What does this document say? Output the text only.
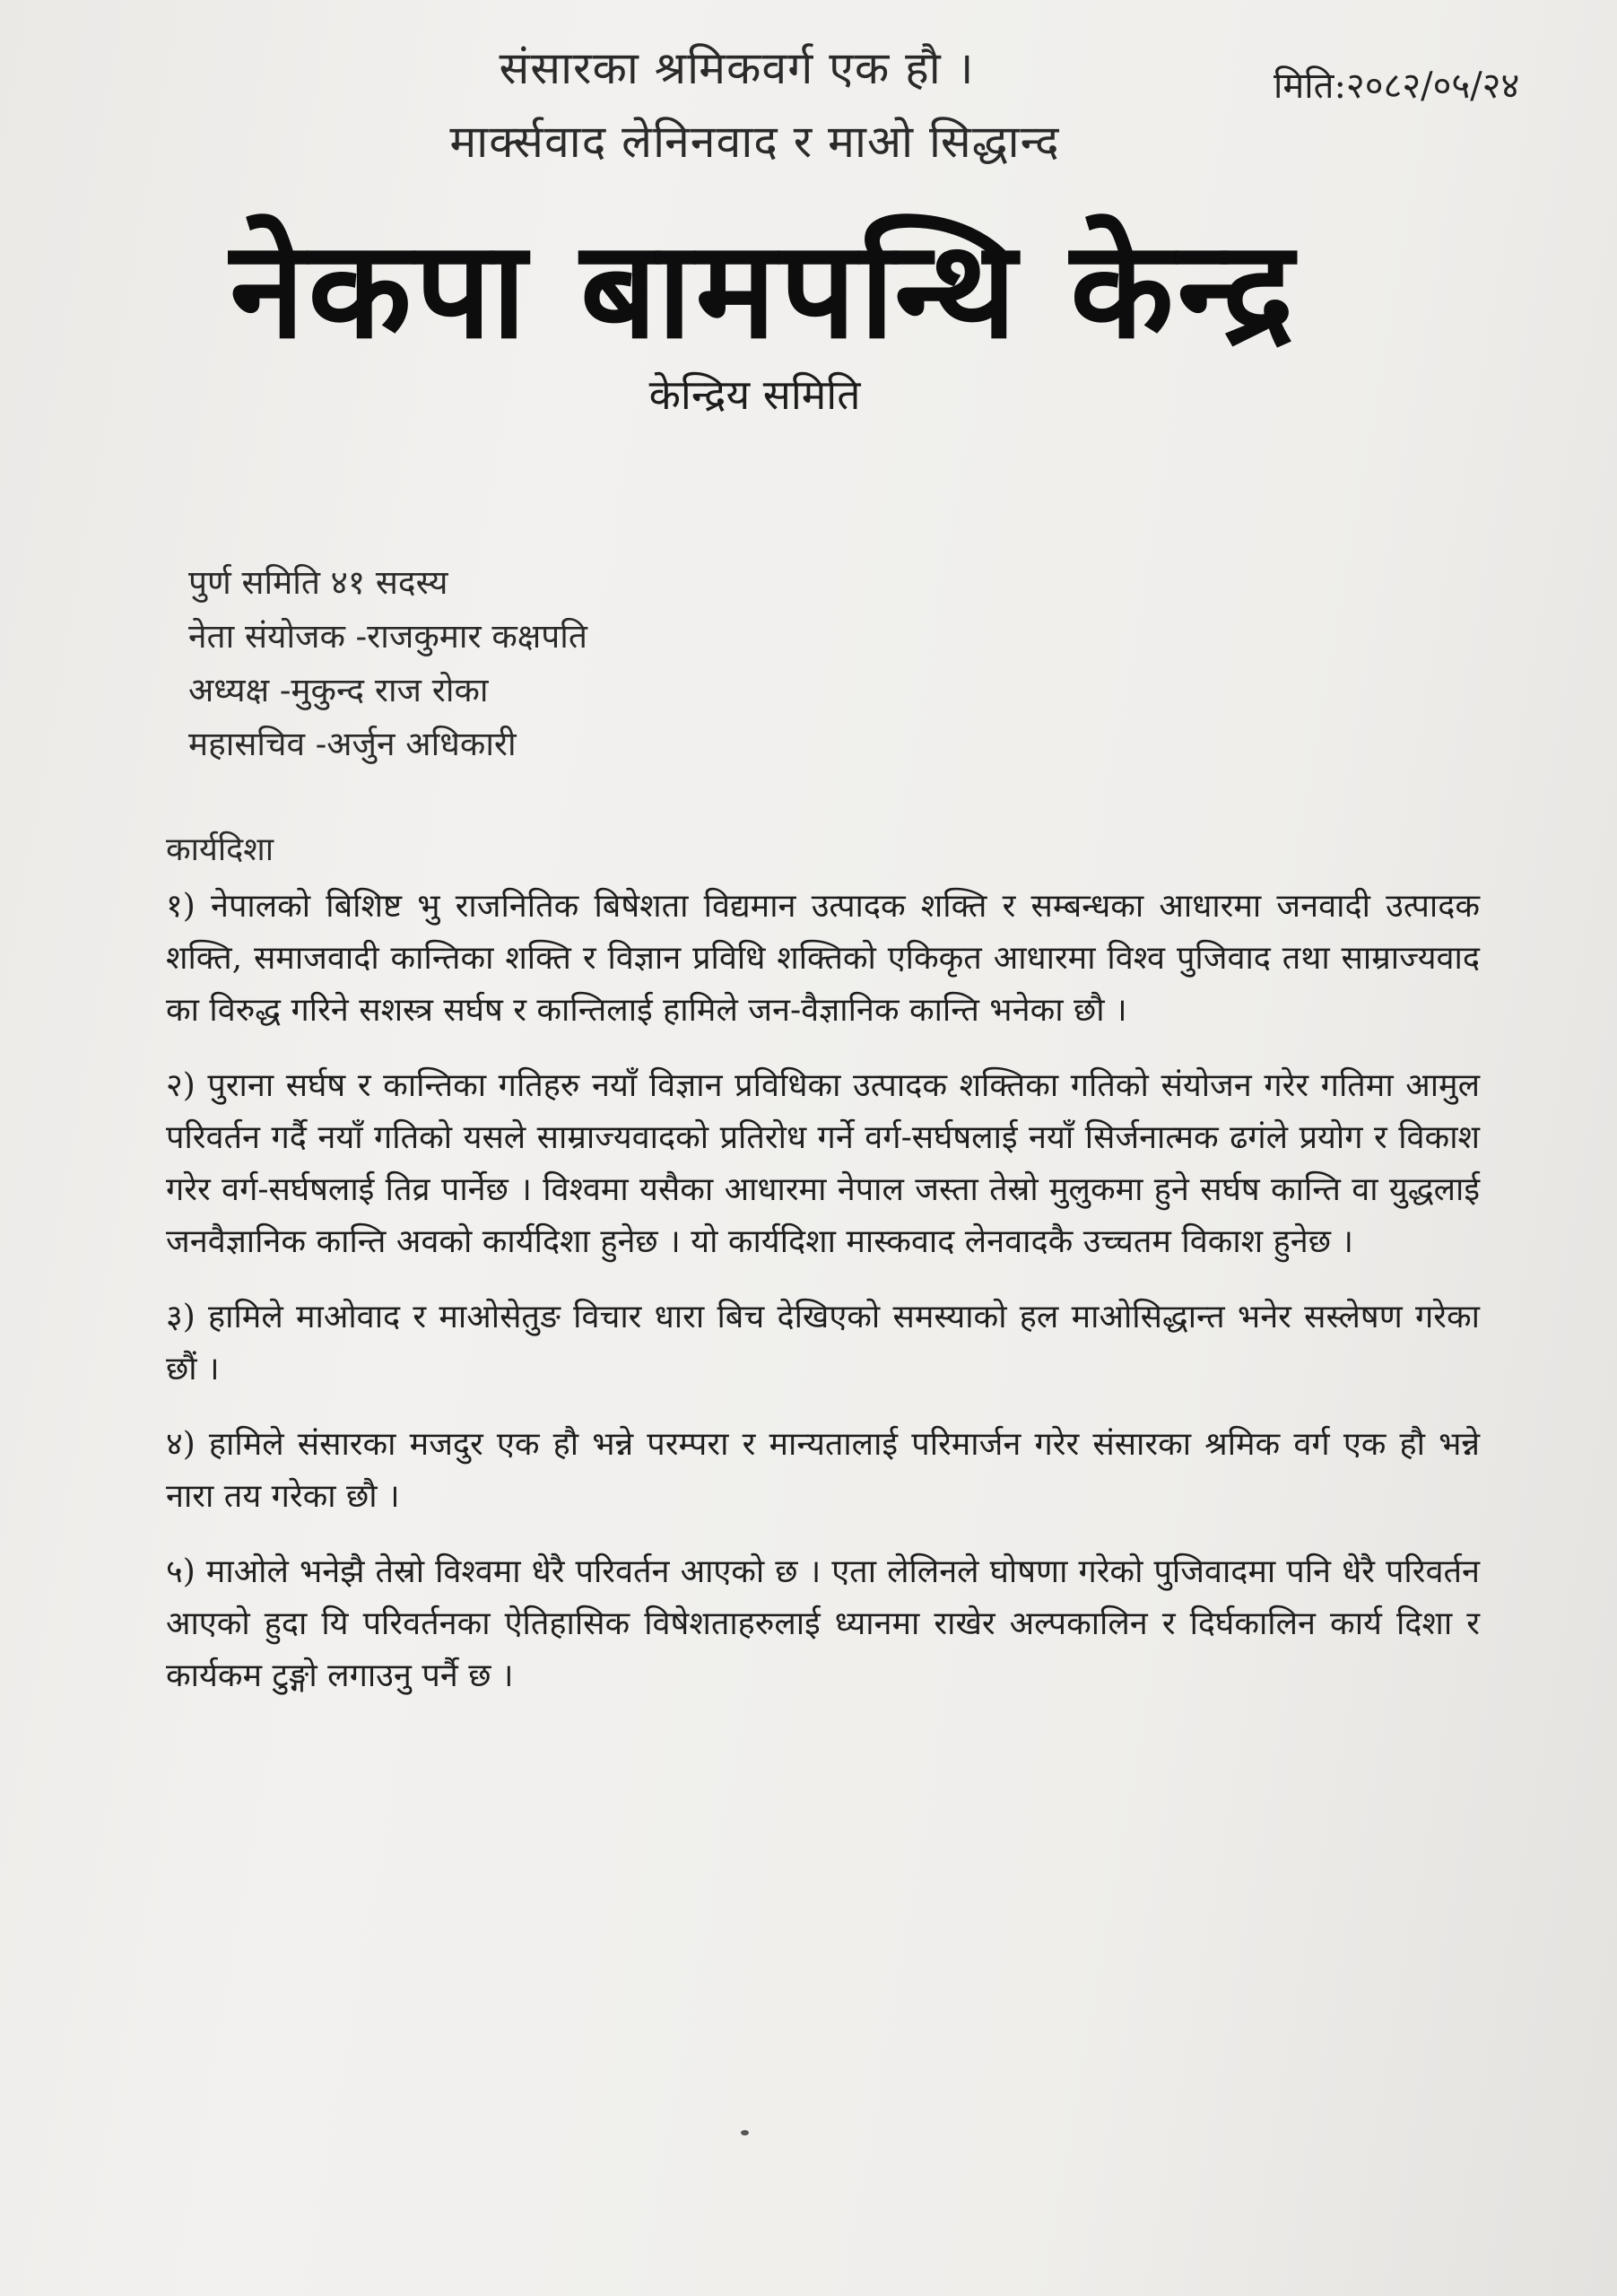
संसारका श्रमिकवर्ग एक हौ ।
मार्क्सवाद लेनिनवाद र माओ सिद्धान्द
मिति:२०८२/०५/२४
नेकपा बामपन्थि केन्द्र
केन्द्रिय समिति
पुर्ण समिति ४१ सदस्य
नेता संयोजक -राजकुमार कक्षपति
अध्यक्ष -मुकुन्द राज रोका
महासचिव -अर्जुन अधिकारी
कार्यदिशा

१) नेपालको बिशिष्ट भु राजनितिक बिषेशता विद्यमान उत्पादक शक्ति र सम्बन्धका आधारमा जनवादी उत्पादक शक्ति, समाजवादी कान्तिका शक्ति र विज्ञान प्रविधि शक्तिको एकिकृत आधारमा विश्व पुजिवाद तथा साम्राज्यवाद का विरुद्ध गरिने सशस्त्र सर्घष र कान्तिलाई हामिले जन-वैज्ञानिक कान्ति भनेका छौ ।

२) पुराना सर्घष र कान्तिका गतिहरु नयाँ विज्ञान प्रविधिका उत्पादक शक्तिका गतिको संयोजन गरेर गतिमा आमुल परिवर्तन गर्दै नयाँ गतिको यसले साम्राज्यवादको प्रतिरोध गर्ने वर्ग-सर्घषलाई नयाँ सिर्जनात्मक ढगंले प्रयोग र विकाश गरेर वर्ग-सर्घषलाई तिव्र पार्नेछ । विश्वमा यसैका आधारमा नेपाल जस्ता तेस्रो मुलुकमा हुने सर्घष कान्ति वा युद्धलाई जनवैज्ञानिक कान्ति अवको कार्यदिशा हुनेछ । यो कार्यदिशा मास्कवाद लेनवादकै उच्चतम विकाश हुनेछ ।

३) हामिले माओवाद र माओसेतुङ विचार धारा बिच देखिएको समस्याको हल माओसिद्धान्त भनेर सस्लेषण गरेका छौं ।

४) हामिले संसारका मजदुर एक हौ भन्ने परम्परा र मान्यतालाई परिमार्जन गरेर संसारका श्रमिक वर्ग एक हौ भन्ने नारा तय गरेका छौ ।

५) माओले भनेझै तेस्रो विश्वमा धेरै परिवर्तन आएको छ । एता लेलिनले घोषणा गरेको पुजिवादमा पनि धेरै परिवर्तन आएको हुदा यि परिवर्तनका ऐतिहासिक विषेशताहरुलाई ध्यानमा राखेर अल्पकालिन र दिर्घकालिन कार्य दिशा र कार्यकम टुङ्गो लगाउनु पर्नै छ ।
